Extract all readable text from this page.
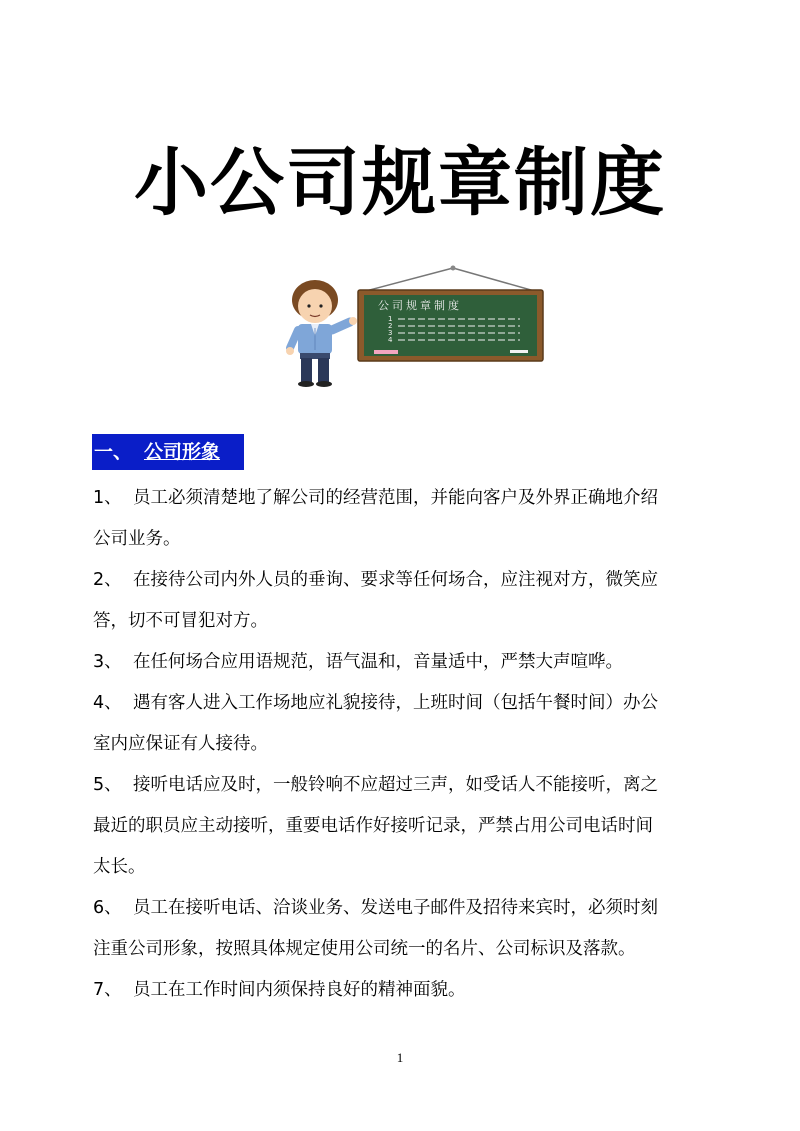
小公司规章制度
公司规章制度
1
2
3
4
一、 公司形象

1、 员工必须清楚地了解公司的经营范围，并能向客户及外界正确地介绍

公司业务。

2、 在接待公司内外人员的垂询、要求等任何场合，应注视对方，微笑应

答，切不可冒犯对方。

3、 在任何场合应用语规范，语气温和，音量适中，严禁大声喧哗。

4、 遇有客人进入工作场地应礼貌接待，上班时间（包括午餐时间）办公

室内应保证有人接待。

5、 接听电话应及时，一般铃响不应超过三声，如受话人不能接听，离之

最近的职员应主动接听，重要电话作好接听记录，严禁占用公司电话时间

太长。

6、 员工在接听电话、洽谈业务、发送电子邮件及招待来宾时，必须时刻

注重公司形象，按照具体规定使用公司统一的名片、公司标识及落款。

7、 员工在工作时间内须保持良好的精神面貌。

1
